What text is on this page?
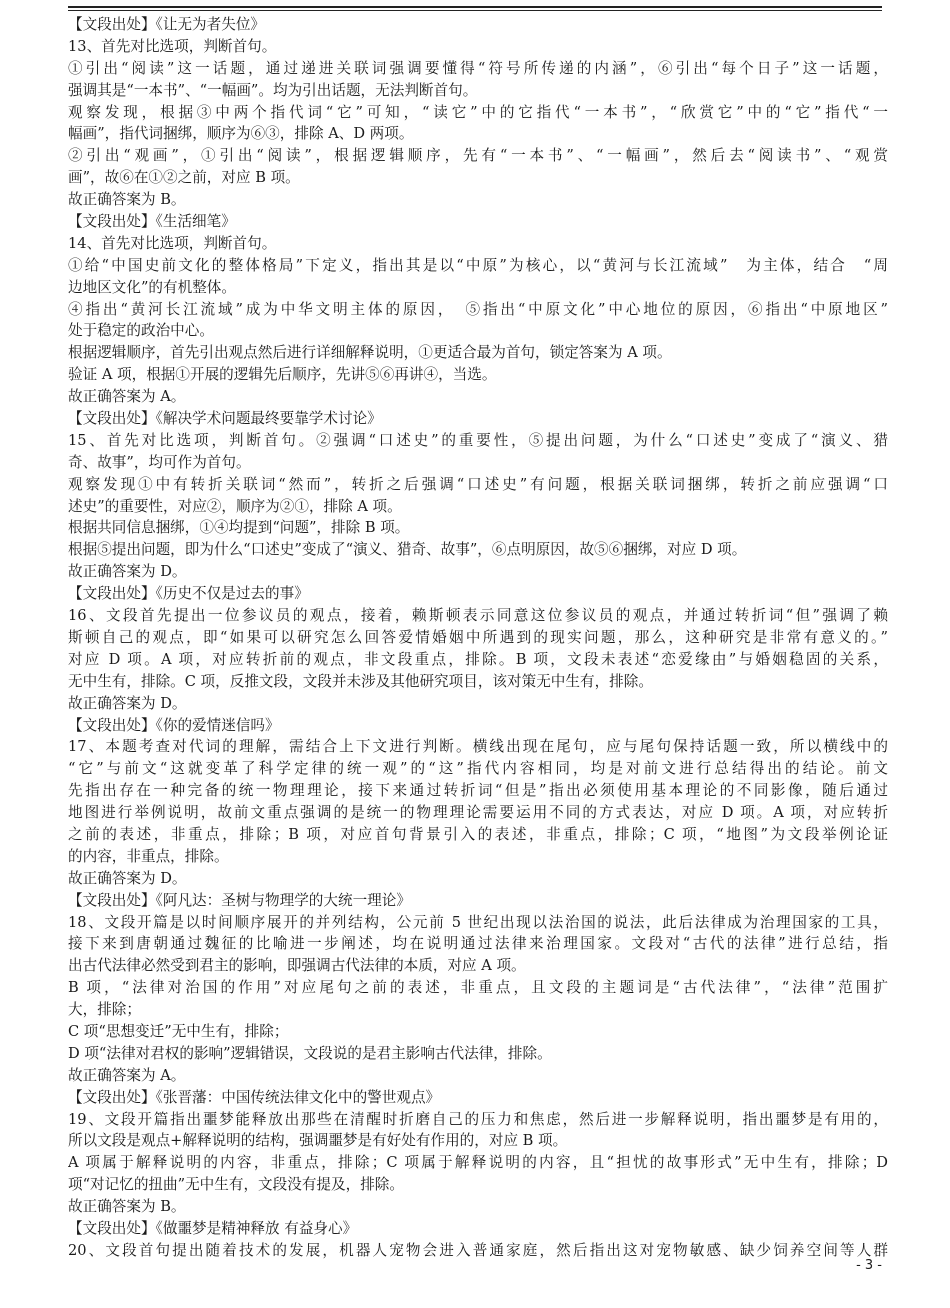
【文段出处】《让无为者失位》
13、首先对比选项，判断首句。
①引出“阅读”这一话题，通过递进关联词强调要懂得“符号所传递的内涵”，⑥引出“每个日子”这一话题，
强调其是“一本书”、“一幅画”。均为引出话题，无法判断首句。
观察发现，根据③中两个指代词“它”可知，“读它”中的它指代“一本书”，“欣赏它”中的“它”指代“一
幅画”，指代词捆绑，顺序为⑥③，排除 A、D 两项。
②引出“观画”，①引出“阅读”，根据逻辑顺序，先有“一本书”、“一幅画”，然后去“阅读书”、“观赏
画”，故⑥在①②之前，对应 B 项。
故正确答案为 B。
【文段出处】《生活细笔》
14、首先对比选项，判断首句。
①给“中国史前文化的整体格局”下定义，指出其是以“中原”为核心，以“黄河与长江流域”　为主体，结合　“周
边地区文化”的有机整体。
④指出“黄河长江流域”成为中华文明主体的原因，　⑤指出“中原文化”中心地位的原因，⑥指出“中原地区”
处于稳定的政治中心。
根据逻辑顺序，首先引出观点然后进行详细解释说明，①更适合最为首句，锁定答案为 A 项。
验证 A 项，根据①开展的逻辑先后顺序，先讲⑤⑥再讲④，当选。
故正确答案为 A。
【文段出处】《解决学术问题最终要靠学术讨论》
15、首先对比选项，判断首句。②强调“口述史”的重要性，⑤提出问题，为什么“口述史”变成了“演义、猎
奇、故事”，均可作为首句。
观察发现①中有转折关联词“然而”，转折之后强调“口述史”有问题，根据关联词捆绑，转折之前应强调“口
述史”的重要性，对应②，顺序为②①，排除 A 项。
根据共同信息捆绑，①④均提到“问题”，排除 B 项。
根据⑤提出问题，即为什么“口述史”变成了“演义、猎奇、故事”，⑥点明原因，故⑤⑥捆绑，对应 D 项。
故正确答案为 D。
【文段出处】《历史不仅是过去的事》
16、文段首先提出一位参议员的观点，接着，赖斯顿表示同意这位参议员的观点，并通过转折词“但”强调了赖
斯顿自己的观点，即“如果可以研究怎么回答爱情婚姻中所遇到的现实问题，那么，这种研究是非常有意义的。”
对应 D 项。A 项，对应转折前的观点，非文段重点，排除。B 项，文段未表述“恋爱缘由”与婚姻稳固的关系，
无中生有，排除。C 项，反推文段，文段并未涉及其他研究项目，该对策无中生有，排除。
故正确答案为 D。
【文段出处】《你的爱情迷信吗》
17、本题考查对代词的理解，需结合上下文进行判断。横线出现在尾句，应与尾句保持话题一致，所以横线中的
“它”与前文“这就变革了科学定律的统一观”的“这”指代内容相同，均是对前文进行总结得出的结论。前文
先指出存在一种完备的统一物理理论，接下来通过转折词“但是”指出必须使用基本理论的不同影像，随后通过
地图进行举例说明，故前文重点强调的是统一的物理理论需要运用不同的方式表达，对应 D 项。A 项，对应转折
之前的表述，非重点，排除；B 项，对应首句背景引入的表述，非重点，排除；C 项，“地图”为文段举例论证
的内容，非重点，排除。
故正确答案为 D。
【文段出处】《阿凡达：圣树与物理学的大统一理论》
18、文段开篇是以时间顺序展开的并列结构，公元前 5 世纪出现以法治国的说法，此后法律成为治理国家的工具，
接下来到唐朝通过魏征的比喻进一步阐述，均在说明通过法律来治理国家。文段对“古代的法律”进行总结，指
出古代法律必然受到君主的影响，即强调古代法律的本质，对应 A 项。
B 项，“法律对治国的作用”对应尾句之前的表述，非重点，且文段的主题词是“古代法律”，“法律”范围扩
大，排除；
C 项“思想变迁”无中生有，排除；
D 项“法律对君权的影响”逻辑错误，文段说的是君主影响古代法律，排除。
故正确答案为 A。
【文段出处】《张晋藩：中国传统法律文化中的警世观点》
19、文段开篇指出噩梦能释放出那些在清醒时折磨自己的压力和焦虑，然后进一步解释说明，指出噩梦是有用的，
所以文段是观点+解释说明的结构，强调噩梦是有好处有作用的，对应 B 项。
A 项属于解释说明的内容，非重点，排除；C 项属于解释说明的内容，且“担忧的故事形式”无中生有，排除；D
项“对记忆的扭曲”无中生有，文段没有提及，排除。
故正确答案为 B。
【文段出处】《做噩梦是精神释放 有益身心》
20、文段首句提出随着技术的发展，机器人宠物会进入普通家庭，然后指出这对宠物敏感、缺少饲养空间等人群
- 3 -
